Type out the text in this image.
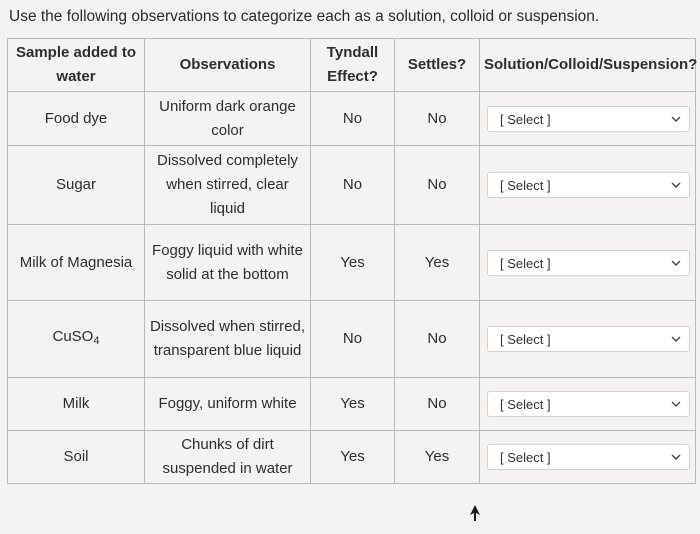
Use the following observations to categorize each as a solution, colloid or suspension.
Sample added to water	Observations	Tyndall Effect?	Settles?	Solution/Colloid/Suspension?
Food dye	Uniform dark orange color	No	No	[ Select ]

Sugar	Dissolved completely when stirred, clear liquid	No	No	[ Select ]

Milk of Magnesia	Foggy liquid with white solid at the bottom	Yes	Yes	[ Select ]

CuSO$_4$	Dissolved when stirred, transparent blue liquid	No	No	[ Select ]

Milk	Foggy, uniform white	Yes	No	[ Select ]

Soil	Chunks of dirt suspended in water	Yes	Yes	[ Select ]
